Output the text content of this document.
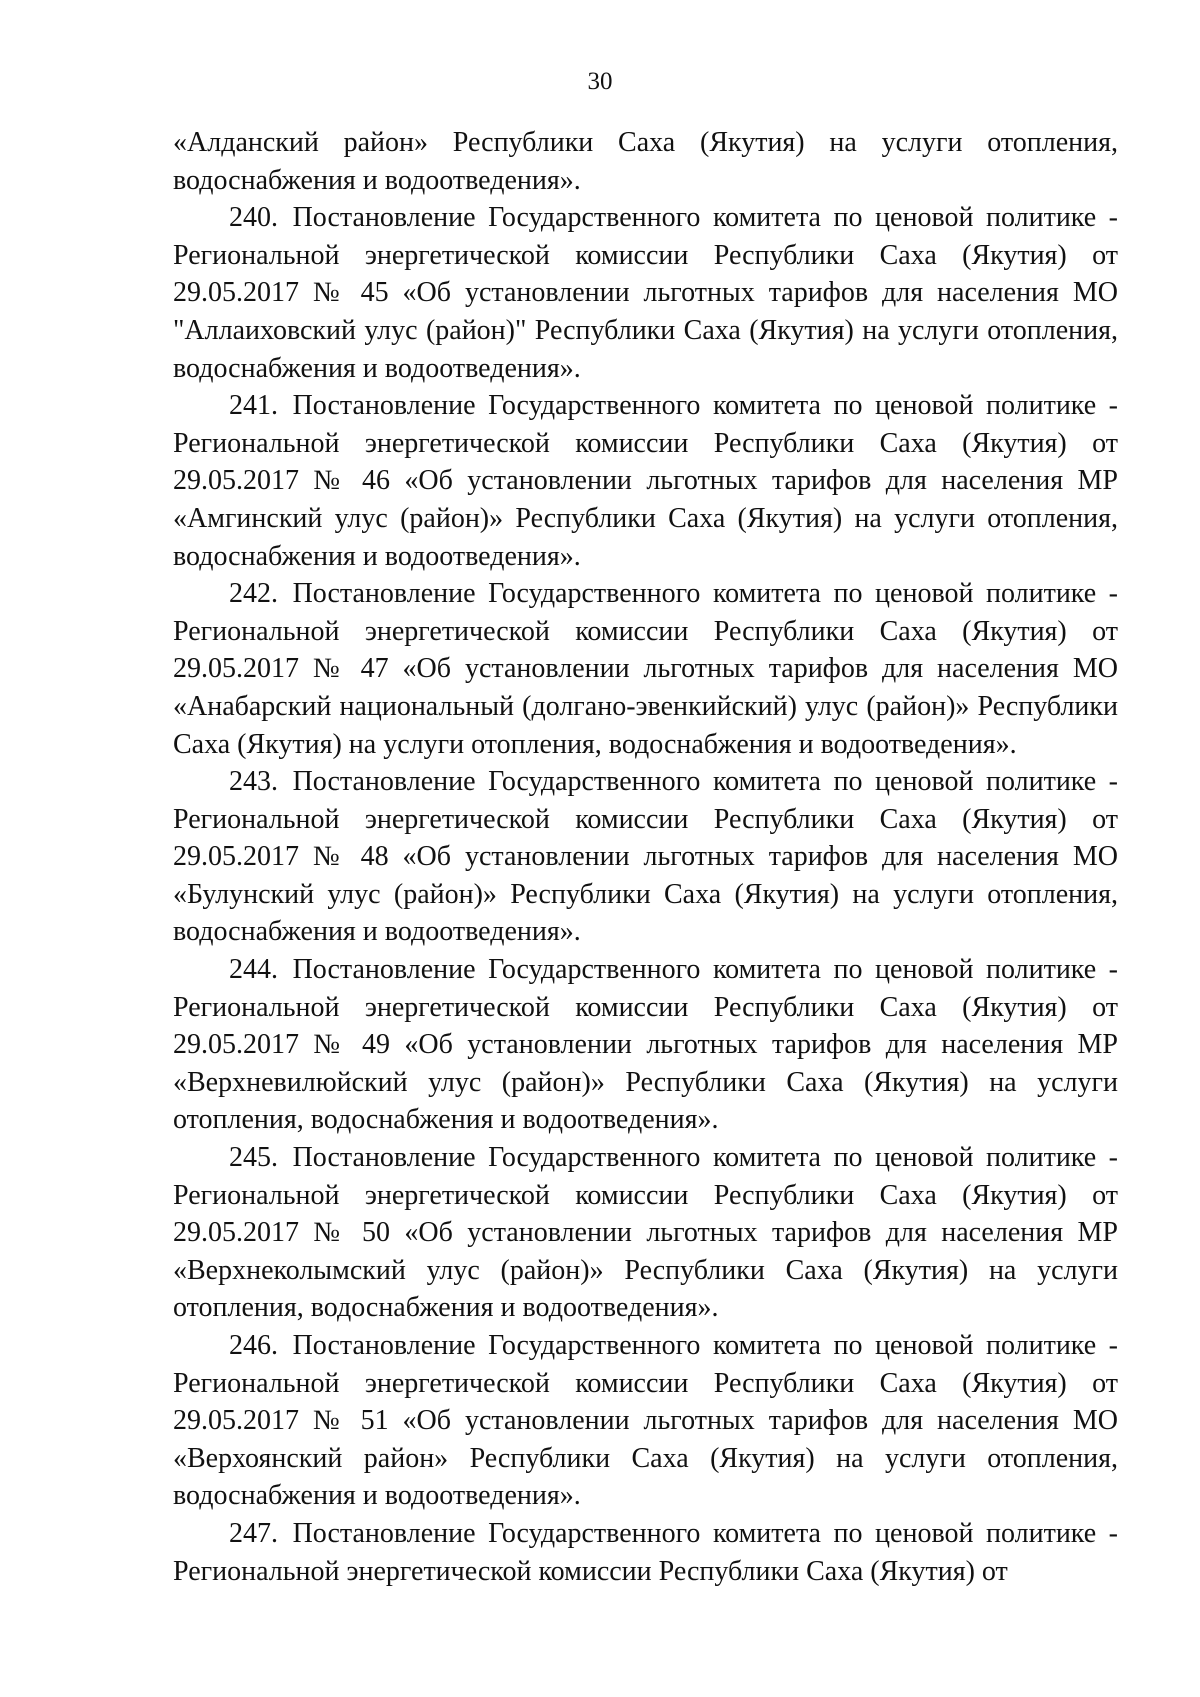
30

«Алданский район» Республики Саха (Якутия) на услуги отопления, водоснабжения и водоотведения».

240. Постановление Государственного комитета по ценовой политике - Региональной энергетической комиссии Республики Саха (Якутия) от 29.05.2017 № 45 «Об установлении льготных тарифов для населения МО "Аллаиховский улус (район)" Республики Саха (Якутия) на услуги отопления, водоснабжения и водоотведения».

241. Постановление Государственного комитета по ценовой политике - Региональной энергетической комиссии Республики Саха (Якутия) от 29.05.2017 № 46 «Об установлении льготных тарифов для населения МР «Амгинский улус (район)» Республики Саха (Якутия) на услуги отопления, водоснабжения и водоотведения».

242. Постановление Государственного комитета по ценовой политике - Региональной энергетической комиссии Республики Саха (Якутия) от 29.05.2017 № 47 «Об установлении льготных тарифов для населения МО «Анабарский национальный (долгано-эвенкийский) улус (район)» Республики Саха (Якутия) на услуги отопления, водоснабжения и водоотведения».

243. Постановление Государственного комитета по ценовой политике - Региональной энергетической комиссии Республики Саха (Якутия) от 29.05.2017 № 48 «Об установлении льготных тарифов для населения МО «Булунский улус (район)» Республики Саха (Якутия) на услуги отопления, водоснабжения и водоотведения».

244. Постановление Государственного комитета по ценовой политике - Региональной энергетической комиссии Республики Саха (Якутия) от 29.05.2017 № 49 «Об установлении льготных тарифов для населения МР «Верхневилюйский улус (район)» Республики Саха (Якутия) на услуги отопления, водоснабжения и водоотведения».

245. Постановление Государственного комитета по ценовой политике - Региональной энергетической комиссии Республики Саха (Якутия) от 29.05.2017 № 50 «Об установлении льготных тарифов для населения МР «Верхнеколымский улус (район)» Республики Саха (Якутия) на услуги отопления, водоснабжения и водоотведения».

246. Постановление Государственного комитета по ценовой политике - Региональной энергетической комиссии Республики Саха (Якутия) от 29.05.2017 № 51 «Об установлении льготных тарифов для населения МО «Верхоянский район» Республики Саха (Якутия) на услуги отопления, водоснабжения и водоотведения».

247. Постановление Государственного комитета по ценовой политике - Региональной энергетической комиссии Республики Саха (Якутия) от
